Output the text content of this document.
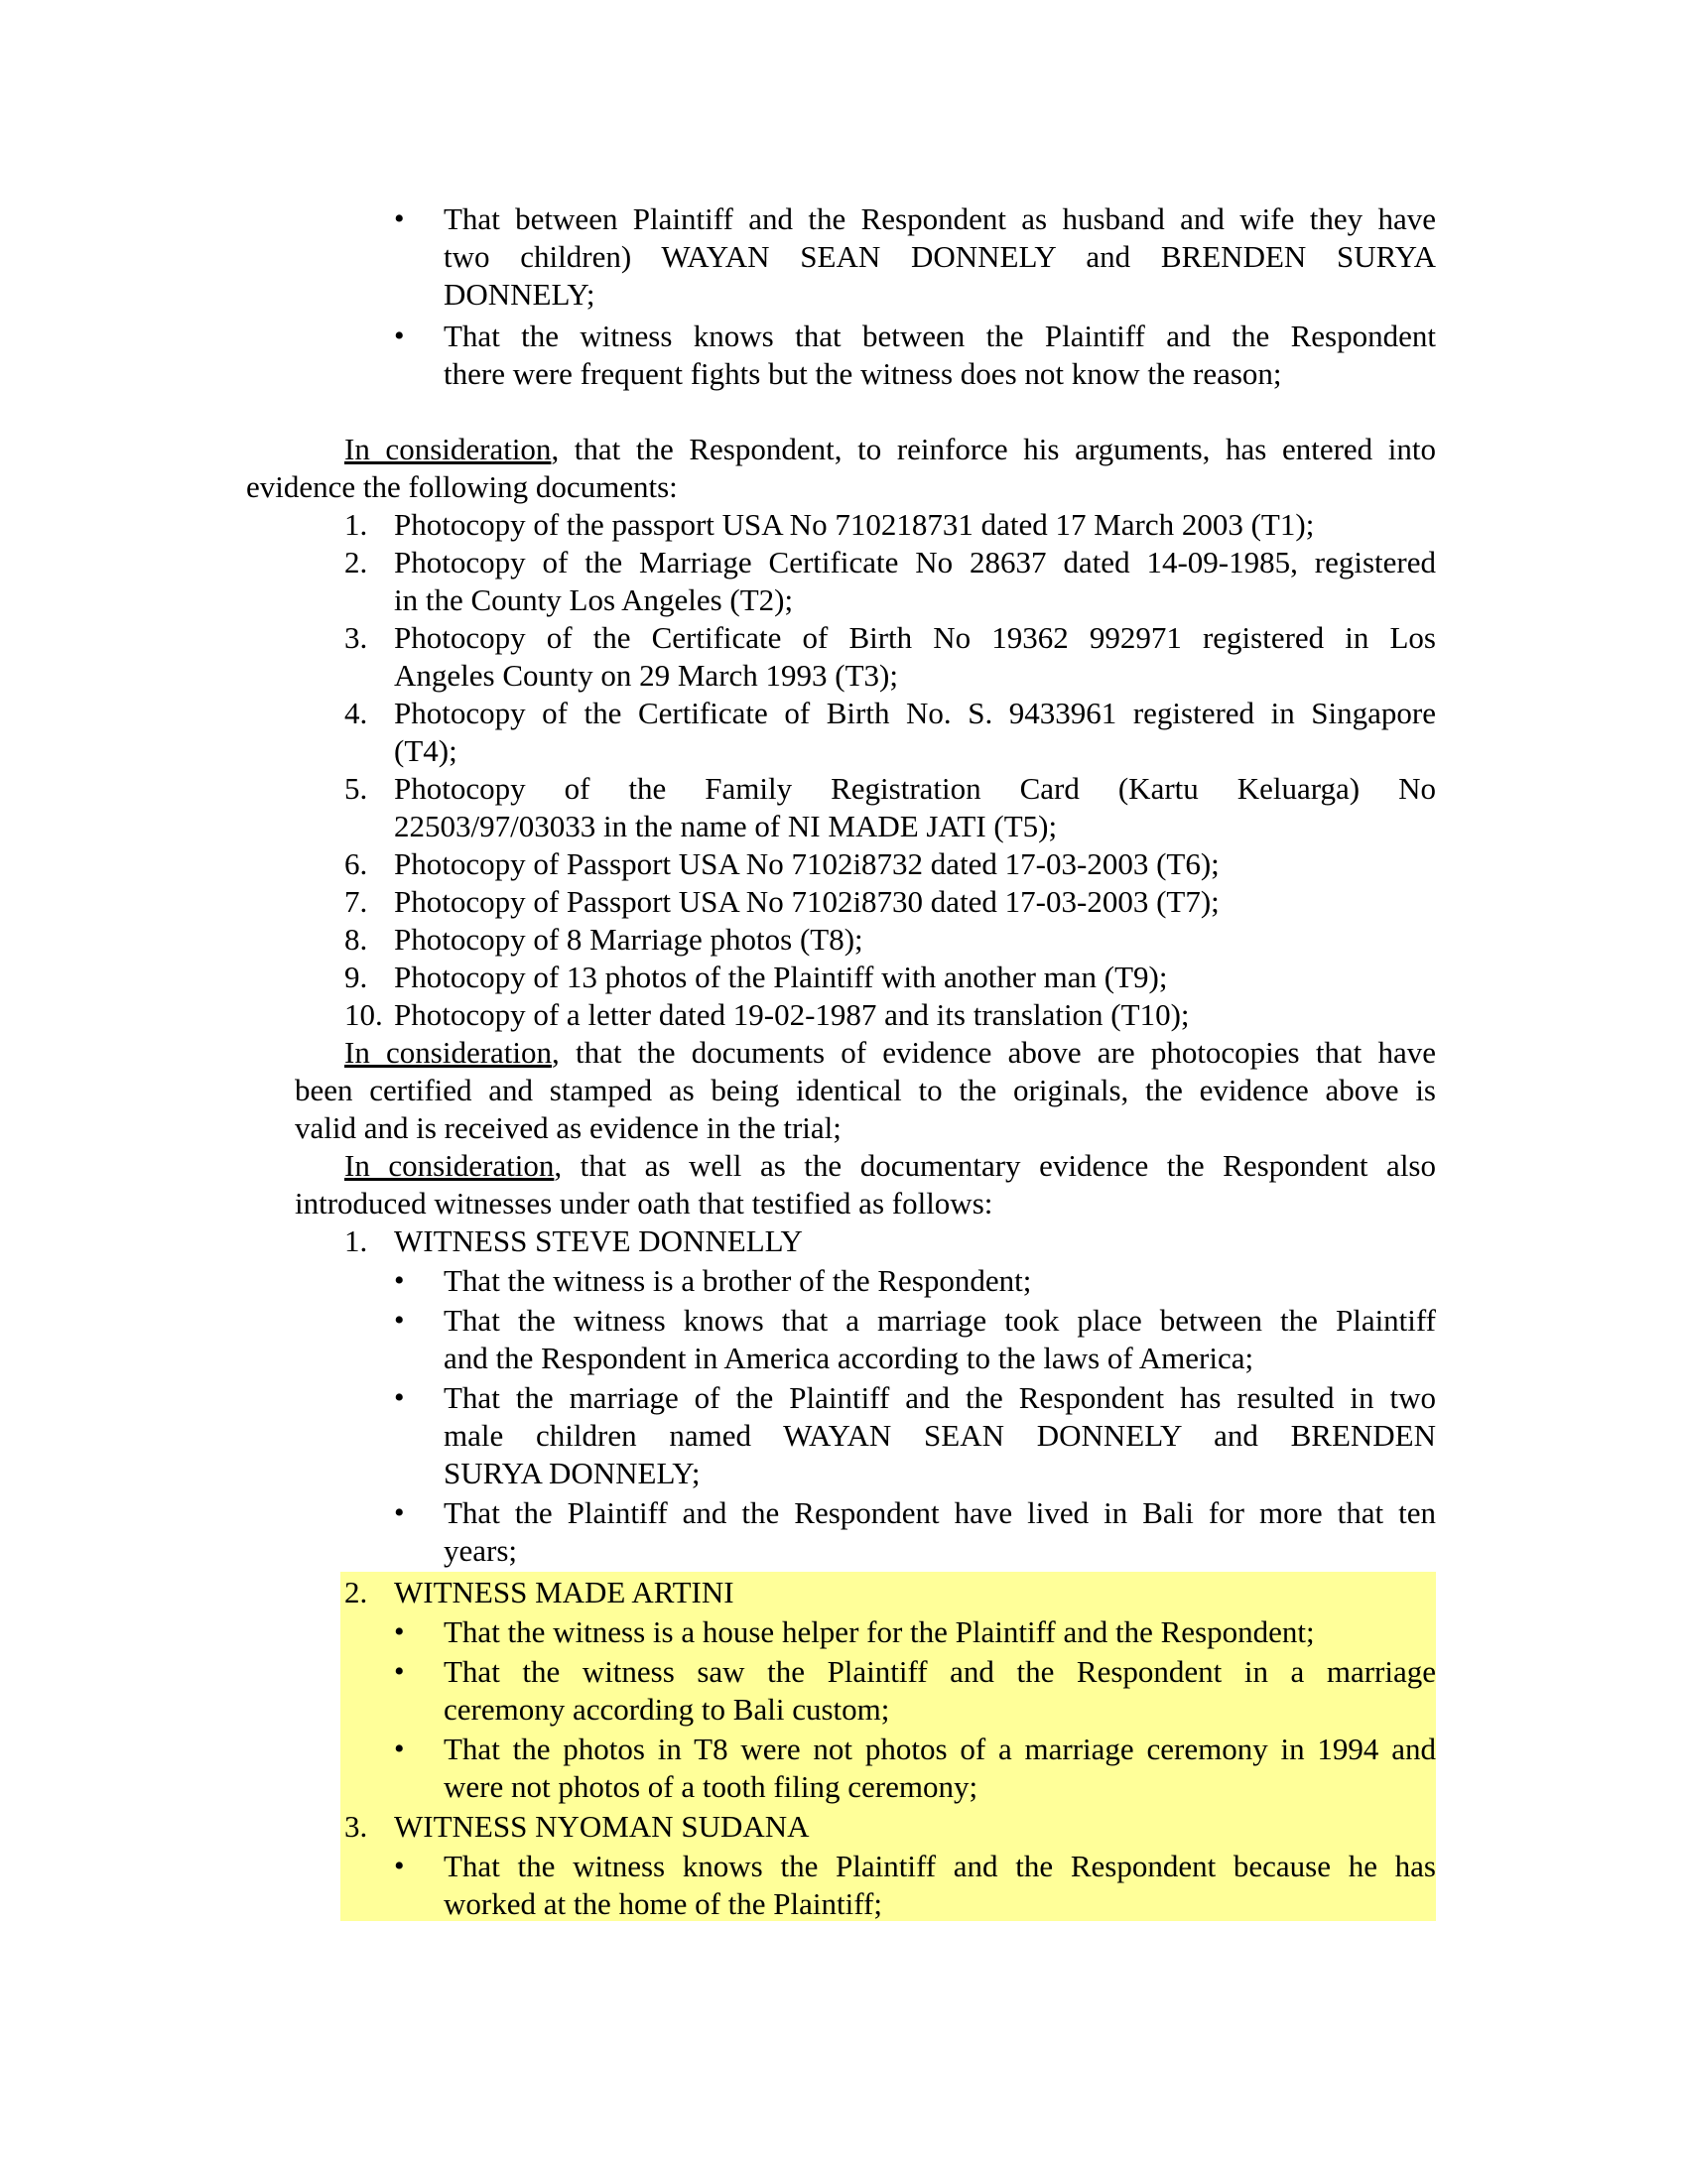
• That between Plaintiff and the Respondent as husband and wife they have
two children) WAYAN SEAN DONNELY and BRENDEN SURYA
DONNELY;
• That the witness knows that between the Plaintiff and the Respondent
there were frequent fights but the witness does not know the reason;
In consideration, that the Respondent, to reinforce his arguments, has entered into
evidence the following documents:
1. Photocopy of the passport USA No 710218731 dated 17 March 2003 (T1);
2. Photocopy of the Marriage Certificate No 28637 dated 14-09-1985, registered
in the County Los Angeles (T2);
3. Photocopy of the Certificate of Birth No 19362 992971 registered in Los
Angeles County on 29 March 1993 (T3);
4. Photocopy of the Certificate of Birth No. S. 9433961 registered in Singapore
(T4);
5. Photocopy of the Family Registration Card (Kartu Keluarga) No
22503/97/03033 in the name of NI MADE JATI (T5);
6. Photocopy of Passport USA No 7102i8732 dated 17-03-2003 (T6);
7. Photocopy of Passport USA No 7102i8730 dated 17-03-2003 (T7);
8. Photocopy of 8 Marriage photos (T8);
9. Photocopy of 13 photos of the Plaintiff with another man (T9);
10. Photocopy of a letter dated 19-02-1987 and its translation (T10);
In consideration, that the documents of evidence above are photocopies that have
been certified and stamped as being identical to the originals, the evidence above is
valid and is received as evidence in the trial;
In consideration, that as well as the documentary evidence the Respondent also
introduced witnesses under oath that testified as follows:
1. WITNESS STEVE DONNELLY
• That the witness is a brother of the Respondent;
• That the witness knows that a marriage took place between the Plaintiff
and the Respondent in America according to the laws of America;
• That the marriage of the Plaintiff and the Respondent has resulted in two
male children named WAYAN SEAN DONNELY and BRENDEN
SURYA DONNELY;
• That the Plaintiff and the Respondent have lived in Bali for more that ten
years;
2. WITNESS MADE ARTINI
• That the witness is a house helper for the Plaintiff and the Respondent;
• That the witness saw the Plaintiff and the Respondent in a marriage
ceremony according to Bali custom;
• That the photos in T8 were not photos of a marriage ceremony in 1994 and
were not photos of a tooth filing ceremony;
3. WITNESS NYOMAN SUDANA
• That the witness knows the Plaintiff and the Respondent because he has
worked at the home of the Plaintiff;
